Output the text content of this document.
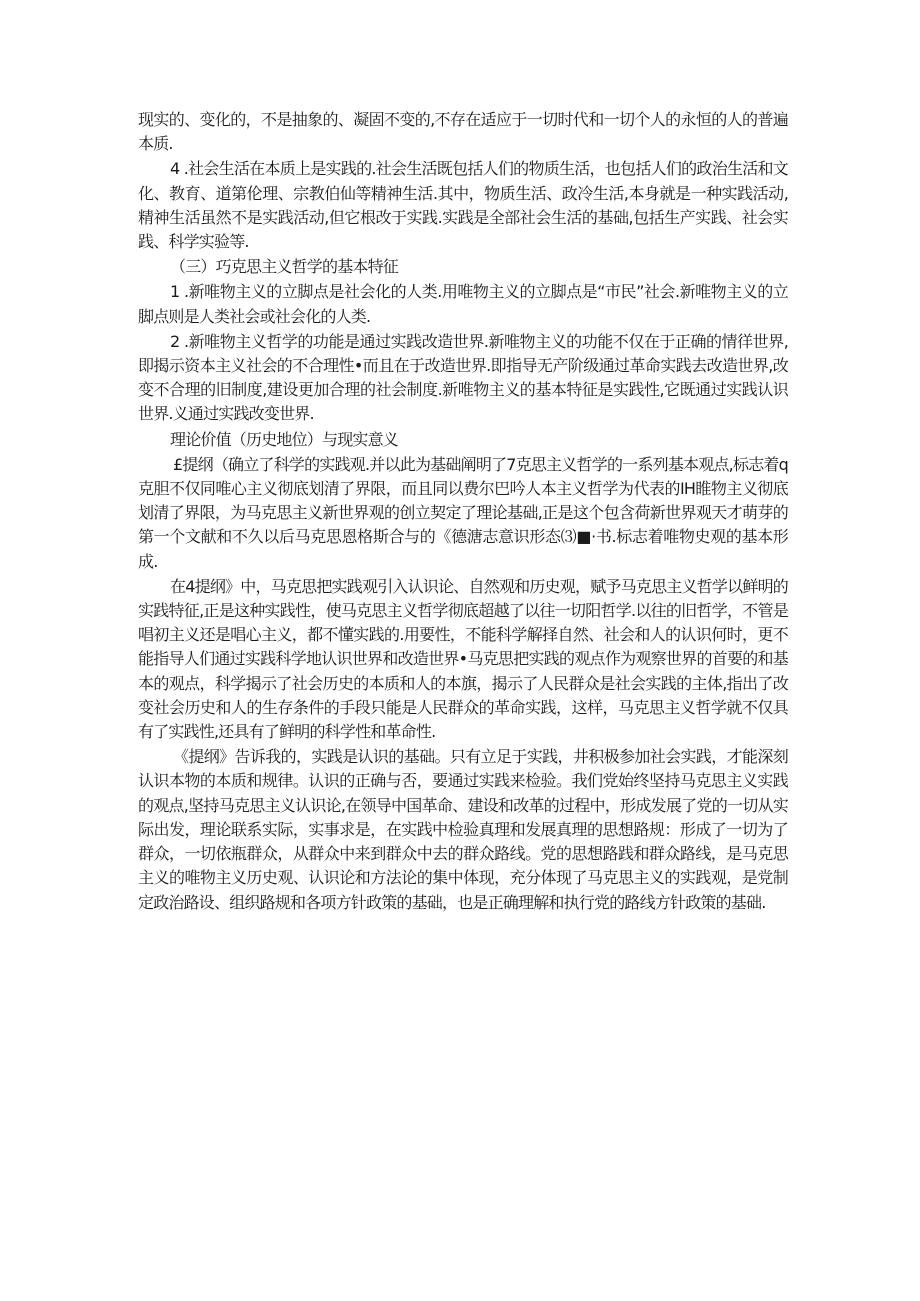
现实的、变化的，不是抽象的、凝固不变的,不存在适应于一切时代和一切个人的永恒的人的普遍本质.

4 .社会生活在本质上是实践的.社会生活既包括人们的物质生活，也包括人们的政治生活和文化、教育、道第伦理、宗教伯仙等精神生活.其中，物质生活、政冷生活,本身就是一种实践活动,精神生活虽然不是实践活动,但它根改于实践.实践是全部社会生活的基础,包括生产实践、社会实践、科学实验等.

（三）巧克思主义哲学的基本特征

1 .新唯物主义的立脚点是社会化的人类.用唯物主义的立脚点是“市民”社会.新唯物主义的立脚点则是人类社会或社会化的人类.

2 .新唯物主义哲学的功能是通过实践改造世界.新唯物主义的功能不仅在于正确的情徉世界,即揭示资本主义社会的不合理性•而且在于改造世界.即指导无产阶级通过革命实践去改造世界,改变不合理的旧制度,建设更加合理的社会制度.新唯物主义的基本特征是实践性,它既通过实践认识世界.义通过实践改变世界.

理论价值（历史地位）与现实意义

£提纲（确立了科学的实践观.并以此为基础阐明了7克思主义哲学的一系列基本观点,标志着q克胆不仅同唯心主义彻底划清了界限，而且同以费尔巴吟人本主义哲学为代表的IH睢物主义彻底划清了界限，为马克思主义新世界观的创立契定了理论基础,正是这个包含荷新世界观天才萌芽的第一个文献和不久以后马克思恩格斯合与的《德溏志意识形态⑶■·书.标志着唯物史观的基本形成.

在4提纲》中，马克思把实践观引入认识论、自然观和历史观，赋予马克思主义哲学以鲜明的实践特征,正是这种实践性，使马克思主义哲学彻底超越了以往一切阳哲学.以往的旧哲学，不管是唱初主义还是唱心主义，都不懂实践的.用要性，不能科学解择自然、社会和人的认识何时，更不能指导人们通过实践科学地认识世界和改造世界•马克思把实践的观点作为观察世界的首要的和基本的观点，科学揭示了社会历史的本质和人的本旗，揭示了人民群众是社会实践的主体,指出了改变社会历史和人的生存条件的手段只能是人民群众的革命实践，这样，马克思主义哲学就不仅具有了实践性,还具有了鲜明的科学性和革命性.

《提纲》告诉我的，实践是认识的基础。只有立足于实践，井积极参加社会实践，才能深刻认识本物的本质和规律。认识的正确与否，要通过实践来检验。我们党始终坚持马克思主义实践的观点,坚持马克思主义认识论,在领导中国革命、建设和改革的过程中，形成发展了党的一切从实际出发，理论联系实际，实事求是，在实践中检验真理和发展真理的思想路规：形成了一切为了群众，一切依瓶群众，从群众中来到群众中去的群众路线。党的思想路践和群众路线，是马克思主义的唯物主义历史观、认识论和方法论的集中体现，充分体现了马克思主义的实践观，是党制定政治路设、组织路规和各项方针政策的基础，也是正确理解和执行党的路线方针政策的基础.
